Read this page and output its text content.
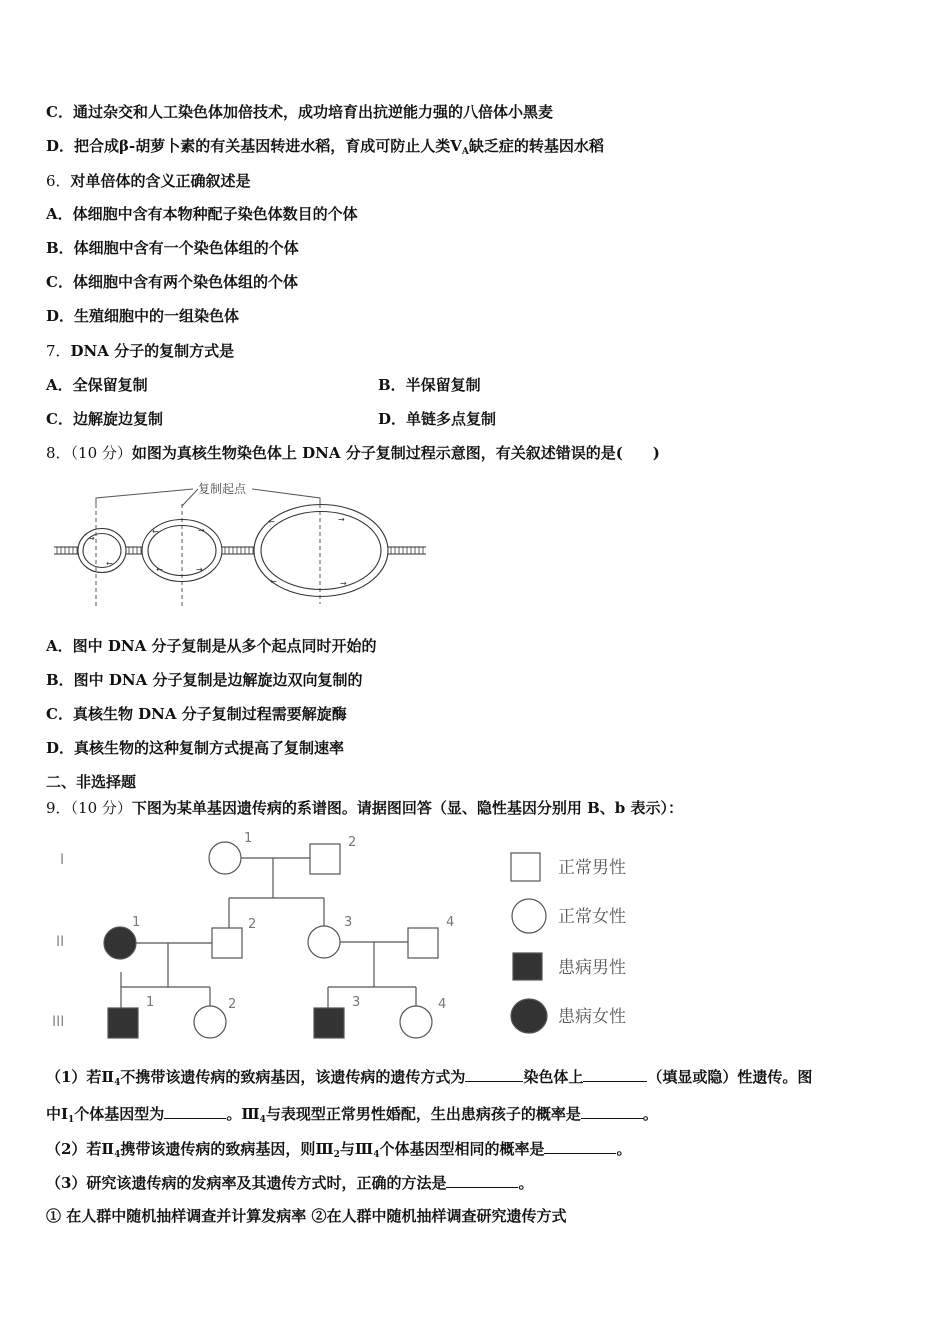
C．通过杂交和人工染色体加倍技术，成功培育出抗逆能力强的八倍体小黑麦
D．把合成β-胡萝卜素的有关基因转进水稻，育成可防止人类$V_A$缺乏症的转基因水稻
6．对单倍体的含义正确叙述是
A．体细胞中含有本物种配子染色体数目的个体
B．体细胞中含有一个染色体组的个体
C．体细胞中含有两个染色体组的个体
D．生殖细胞中的一组染色体
7．DNA 分子的复制方式是
A．全保留复制	B．半保留复制
C．边解旋边复制	D．单链多点复制
8．（10 分）如图为真核生物染色体上 DNA 分子复制过程示意图，有关叙述错误的是(　　)
复制起点
→
←
←	→
←	→
←	→
←	→
A．图中 DNA 分子复制是从多个起点同时开始的
B．图中 DNA 分子复制是边解旋边双向复制的
C．真核生物 DNA 分子复制过程需要解旋酶
D．真核生物的这种复制方式提高了复制速率
二、非选择题
9．（10 分）下图为某单基因遗传病的系谱图。请据图回答（显、隐性基因分别用 B、b 表示）：
I
II
III
1	2
1	2	3	4
1	2	3	4
正常男性
正常女性
患病男性
患病女性
（1）若$Ⅱ_4$不携带该遗传病的致病基因，该遗传病的遗传方式为	染色体上	（填显或隐）性遗传。图
中$Ⅰ_1$个体基因型为	。$Ⅲ_4$与表现型正常男性婚配，生出患病孩子的概率是	。
（2）若$Ⅱ_4$携带该遗传病的致病基因，则$Ⅲ_2$与$Ⅲ_4$个体基因型相同的概率是	。
（3）研究该遗传病的发病率及其遗传方式时，正确的方法是	。
① 在人群中随机抽样调查并计算发病率 ②在人群中随机抽样调查研究遗传方式
